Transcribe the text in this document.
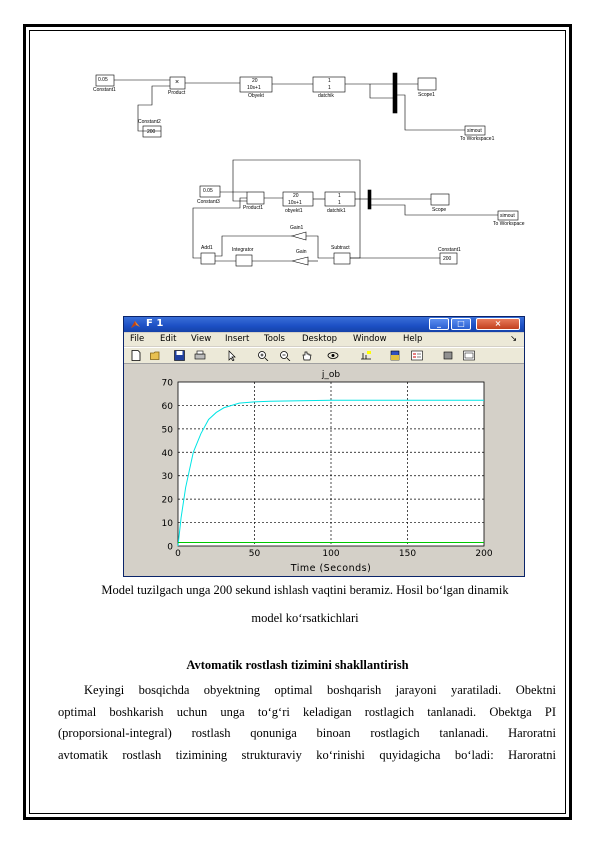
0.05
Constant1
×
Product
20
10s+1
Obyekt
1
1
datchik	Scope1
simout
To Workspace1
Constant2
200
0.05
Constant3
Product1
20
10s+1
obyekt1
1
1
datchik1	Scope
simout
To Workspace
Gain1
Gain
Integrator
Add1	Subtract	Constant1
200
F 1	_	□	×
File Edit View Insert Tools Desktop Window Help	↘
j_ob
Time (Seconds)
0	50	100	150	200
0
10
20
30
40
50
60
70
Model tuzilgach unga 200 sekund ishlash vaqtini beramiz. Hosil bo‘lgan dinamik
model ko‘rsatkichlari
Avtomatik rostlash tizimini shakllantirish
Keyingi bosqichda obyektning optimal boshqarish jarayoni yaratiladi. Obektni
optimal boshkarish uchun unga to‘g‘ri keladigan rostlagich tanlanadi. Obektga PI
(proporsional-integral) rostlash qonuniga binoan rostlagich tanlanadi. Haroratni
avtomatik rostlash tizimining strukturaviy ko‘rinishi quyidagicha bo‘ladi: Haroratni
